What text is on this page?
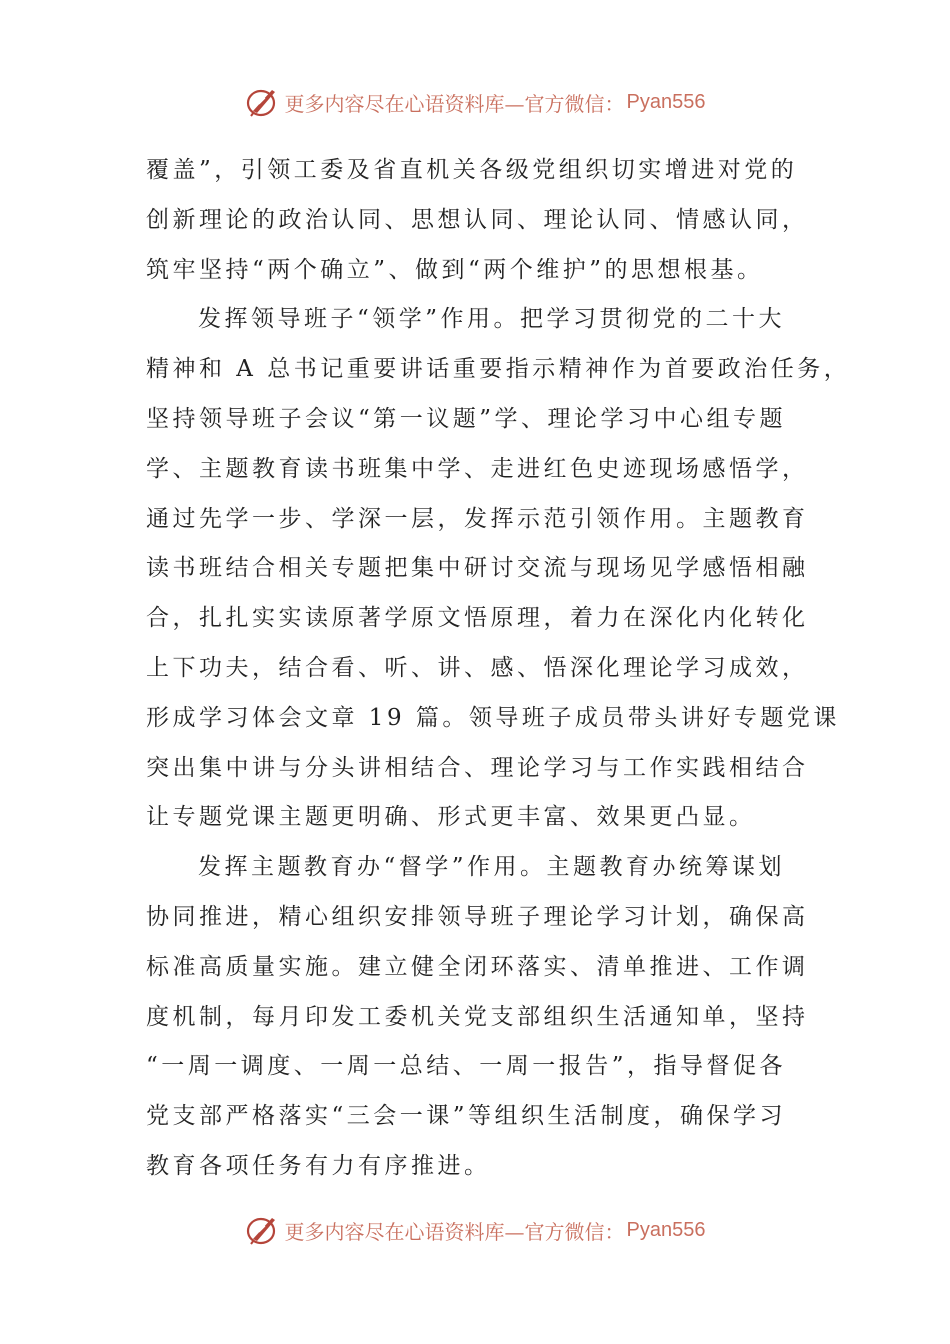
更多内容尽在心语资料库—官方微信： Pyan556
覆盖”，引领工委及省直机关各级党组织切实增进对党的
创新理论的政治认同、思想认同、理论认同、情感认同，
筑牢坚持“两个确立”、做到“两个维护”的思想根基。
发挥领导班子“领学”作用。把学习贯彻党的二十大
精神和 A 总书记重要讲话重要指示精神作为首要政治任务，
坚持领导班子会议“第一议题”学、理论学习中心组专题
学、主题教育读书班集中学、走进红色史迹现场感悟学，
通过先学一步、学深一层，发挥示范引领作用。主题教育
读书班结合相关专题把集中研讨交流与现场见学感悟相融
合，扎扎实实读原著学原文悟原理，着力在深化内化转化
上下功夫，结合看、听、讲、感、悟深化理论学习成效，
形成学习体会文章 19 篇。领导班子成员带头讲好专题党课
突出集中讲与分头讲相结合、理论学习与工作实践相结合
让专题党课主题更明确、形式更丰富、效果更凸显。
发挥主题教育办“督学”作用。主题教育办统筹谋划
协同推进，精心组织安排领导班子理论学习计划，确保高
标准高质量实施。建立健全闭环落实、清单推进、工作调
度机制，每月印发工委机关党支部组织生活通知单，坚持
“一周一调度、一周一总结、一周一报告”，指导督促各
党支部严格落实“三会一课”等组织生活制度，确保学习
教育各项任务有力有序推进。
更多内容尽在心语资料库—官方微信： Pyan556
